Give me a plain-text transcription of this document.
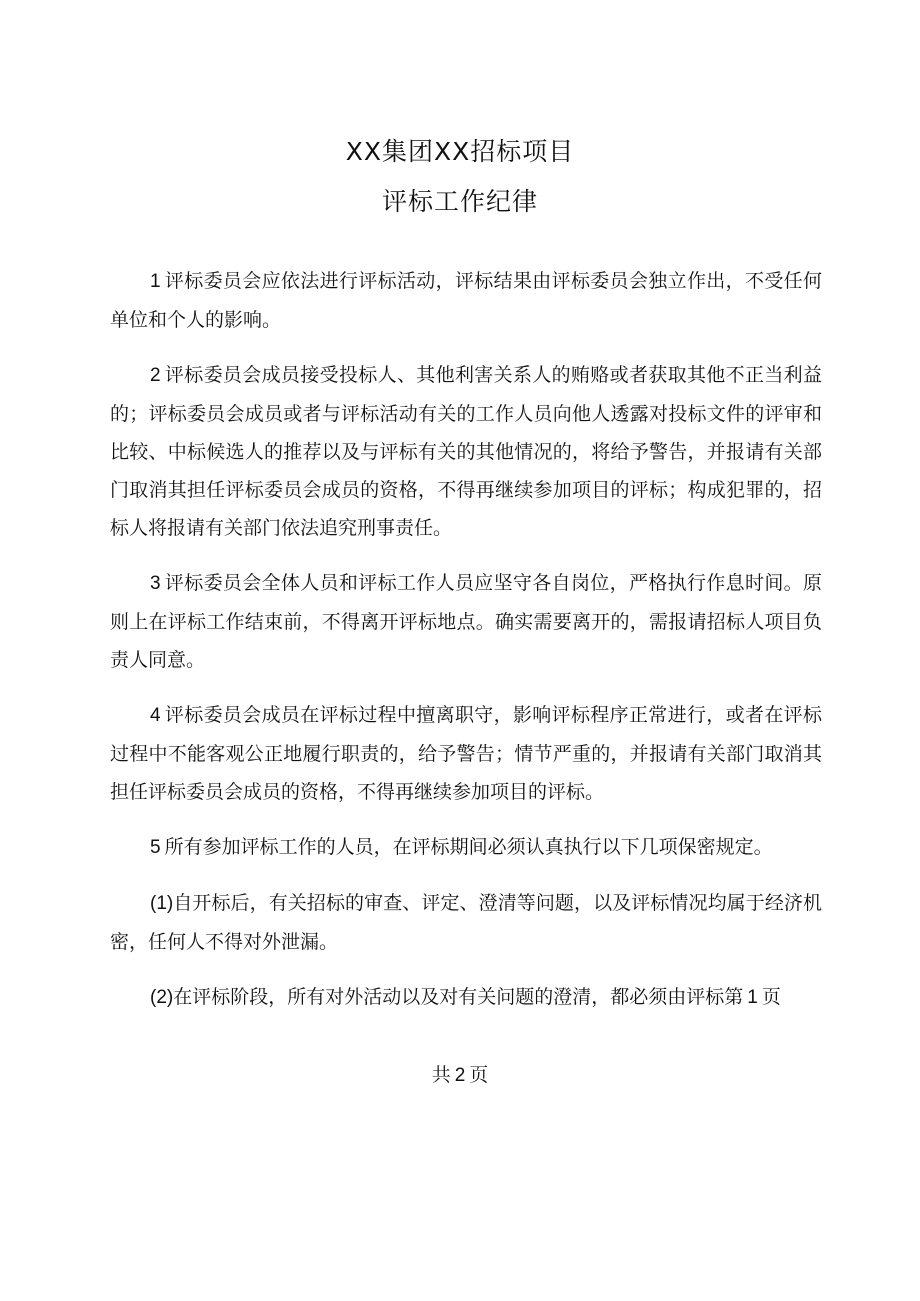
XX集团XX招标项目
评标工作纪律

1 评标委员会应依法进行评标活动，评标结果由评标委员会独立作出，不受任何单位和个人的影响。

2 评标委员会成员接受投标人、其他利害关系人的贿赂或者获取其他不正当利益的；评标委员会成员或者与评标活动有关的工作人员向他人透露对投标文件的评审和比较、中标候选人的推荐以及与评标有关的其他情况的，将给予警告，并报请有关部门取消其担任评标委员会成员的资格，不得再继续参加项目的评标；构成犯罪的，招标人将报请有关部门依法追究刑事责任。

3 评标委员会全体人员和评标工作人员应坚守各自岗位，严格执行作息时间。原则上在评标工作结束前，不得离开评标地点。确实需要离开的，需报请招标人项目负责人同意。

4 评标委员会成员在评标过程中擅离职守，影响评标程序正常进行，或者在评标过程中不能客观公正地履行职责的，给予警告；情节严重的，并报请有关部门取消其担任评标委员会成员的资格，不得再继续参加项目的评标。

5 所有参加评标工作的人员，在评标期间必须认真执行以下几项保密规定。

(1)自开标后，有关招标的审查、评定、澄清等问题，以及评标情况均属于经济机密，任何人不得对外泄漏。

(2)在评标阶段，所有对外活动以及对有关问题的澄清，都必须由评标第 1 页

共 2 页
